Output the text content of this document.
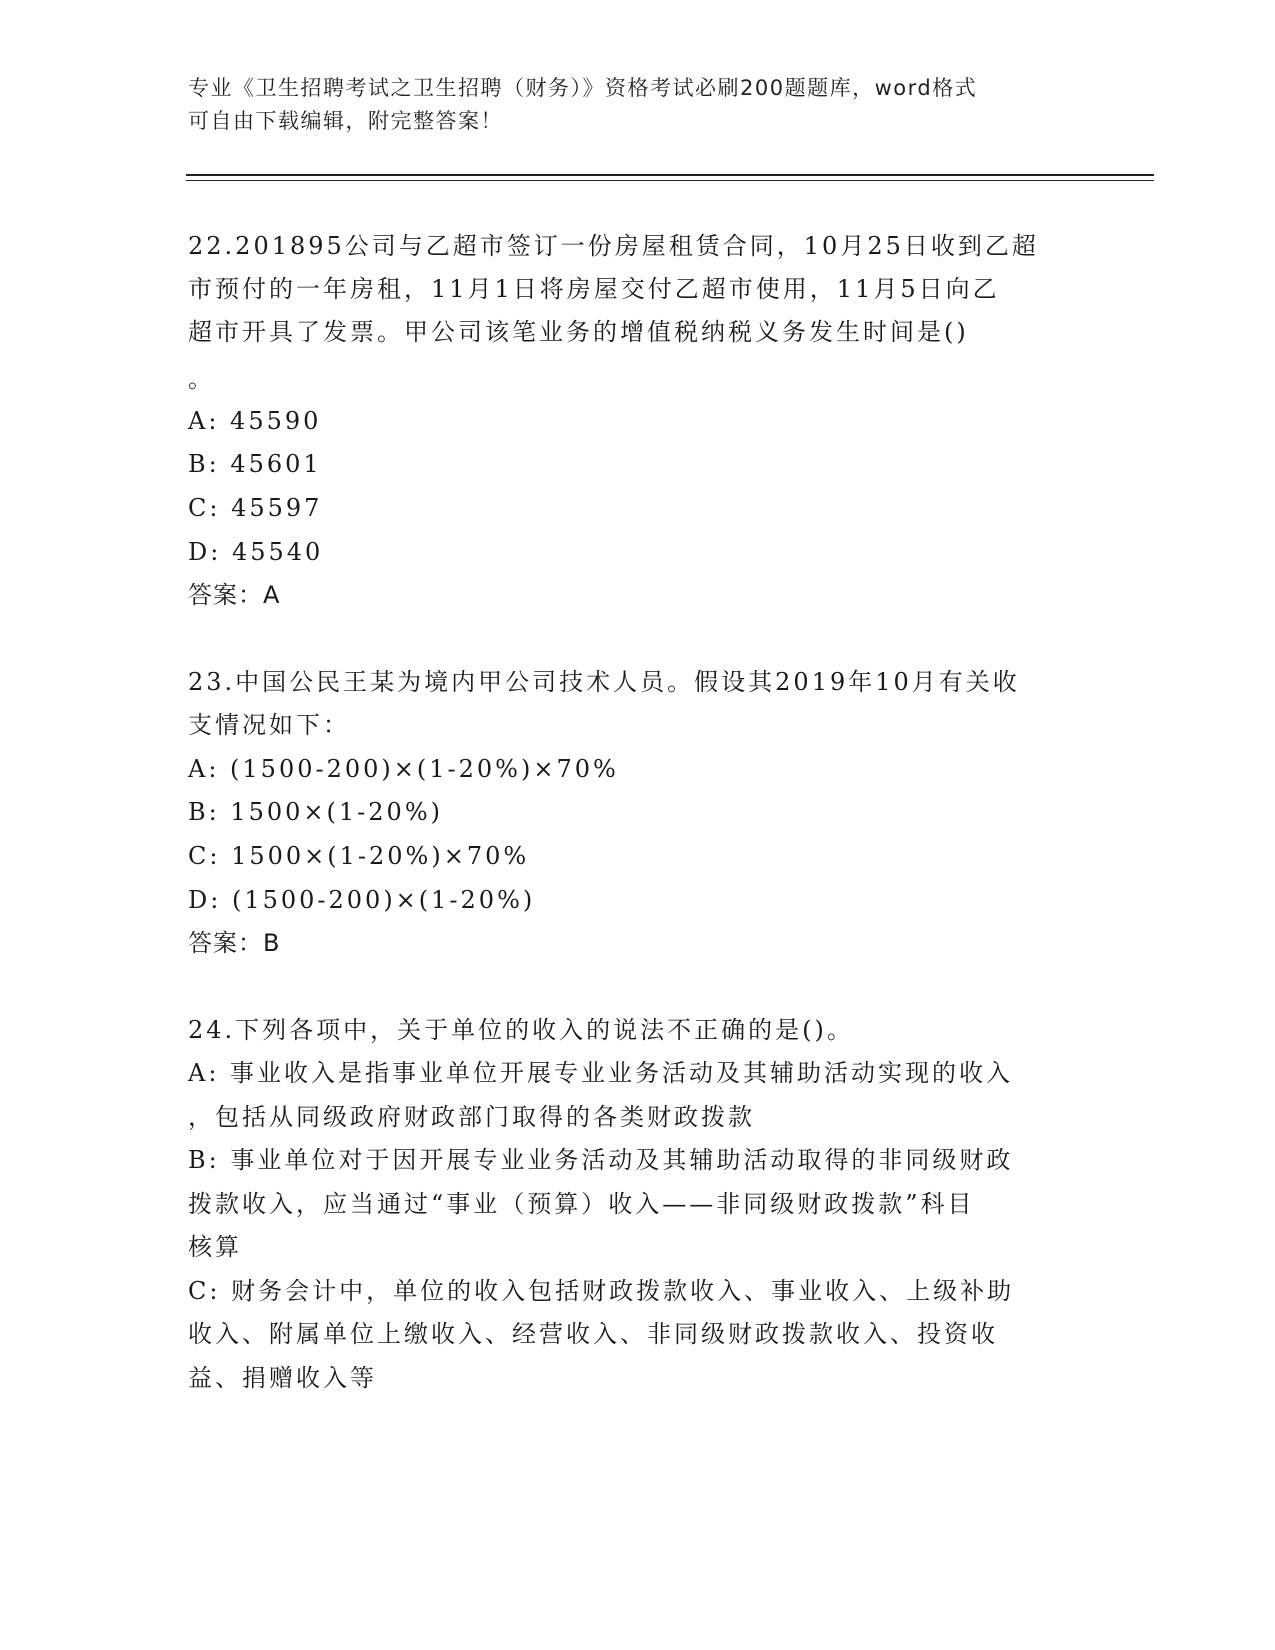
专业《卫生招聘考试之卫生招聘（财务）》资格考试必刷200题题库，word格式
可自由下载编辑，附完整答案！
22.201895公司与乙超市签订一份房屋租赁合同，10月25日收到乙超
市预付的一年房租，11月1日将房屋交付乙超市使用，11月5日向乙
超市开具了发票。甲公司该笔业务的增值税纳税义务发生时间是()
。
A: 45590
B: 45601
C: 45597
D: 45540
答案：A
23.中国公民王某为境内甲公司技术人员。假设其2019年10月有关收
支情况如下：
A: (1500-200)×(1-20%)×70%
B: 1500×(1-20%)
C: 1500×(1-20%)×70%
D: (1500-200)×(1-20%)
答案：B
24.下列各项中，关于单位的收入的说法不正确的是()。
A: 事业收入是指事业单位开展专业业务活动及其辅助活动实现的收入
，包括从同级政府财政部门取得的各类财政拨款
B: 事业单位对于因开展专业业务活动及其辅助活动取得的非同级财政
拨款收入，应当通过“事业（预算）收入——非同级财政拨款”科目
核算
C: 财务会计中，单位的收入包括财政拨款收入、事业收入、上级补助
收入、附属单位上缴收入、经营收入、非同级财政拨款收入、投资收
益、捐赠收入等
